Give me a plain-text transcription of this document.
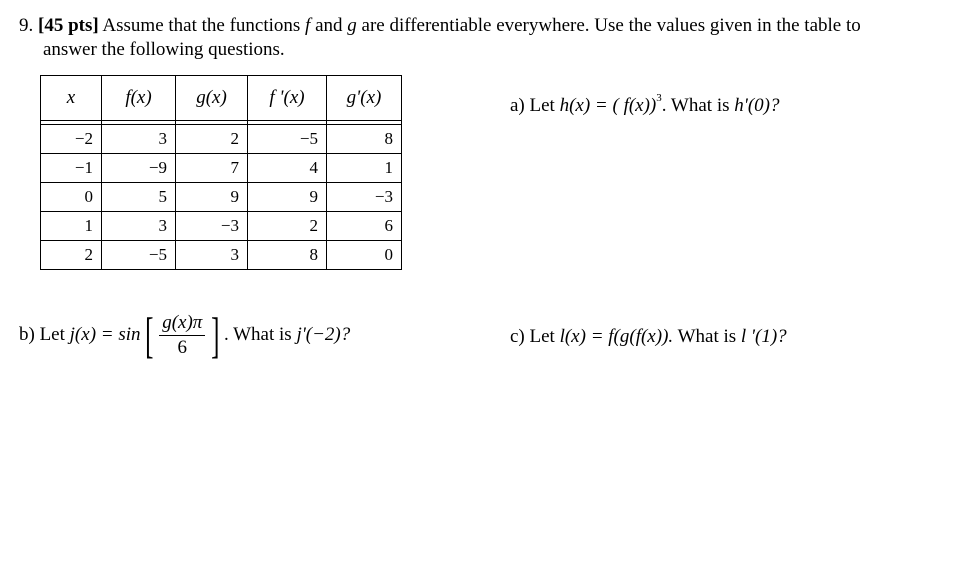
9. [45 pts] Assume that the functions f and g are differentiable everywhere. Use the values given in the table to
answer the following questions.
x	f(x)	g(x)	f '(x)	g'(x)

−2	3	2	−5	8
−1	−9	7	4	1
0	5	9	9	−3
1	3	−3	2	6
2	−5	3	8	0
a) Let h(x) = ( f(x))$^3$. What is h'(0)?
b) Let $j(x) = \sin[ \frac{g(x)\pi}{6}$ ] . What is j'(−2)?	c) Let l(x) = f(g(f(x)). What is l '(1)?
